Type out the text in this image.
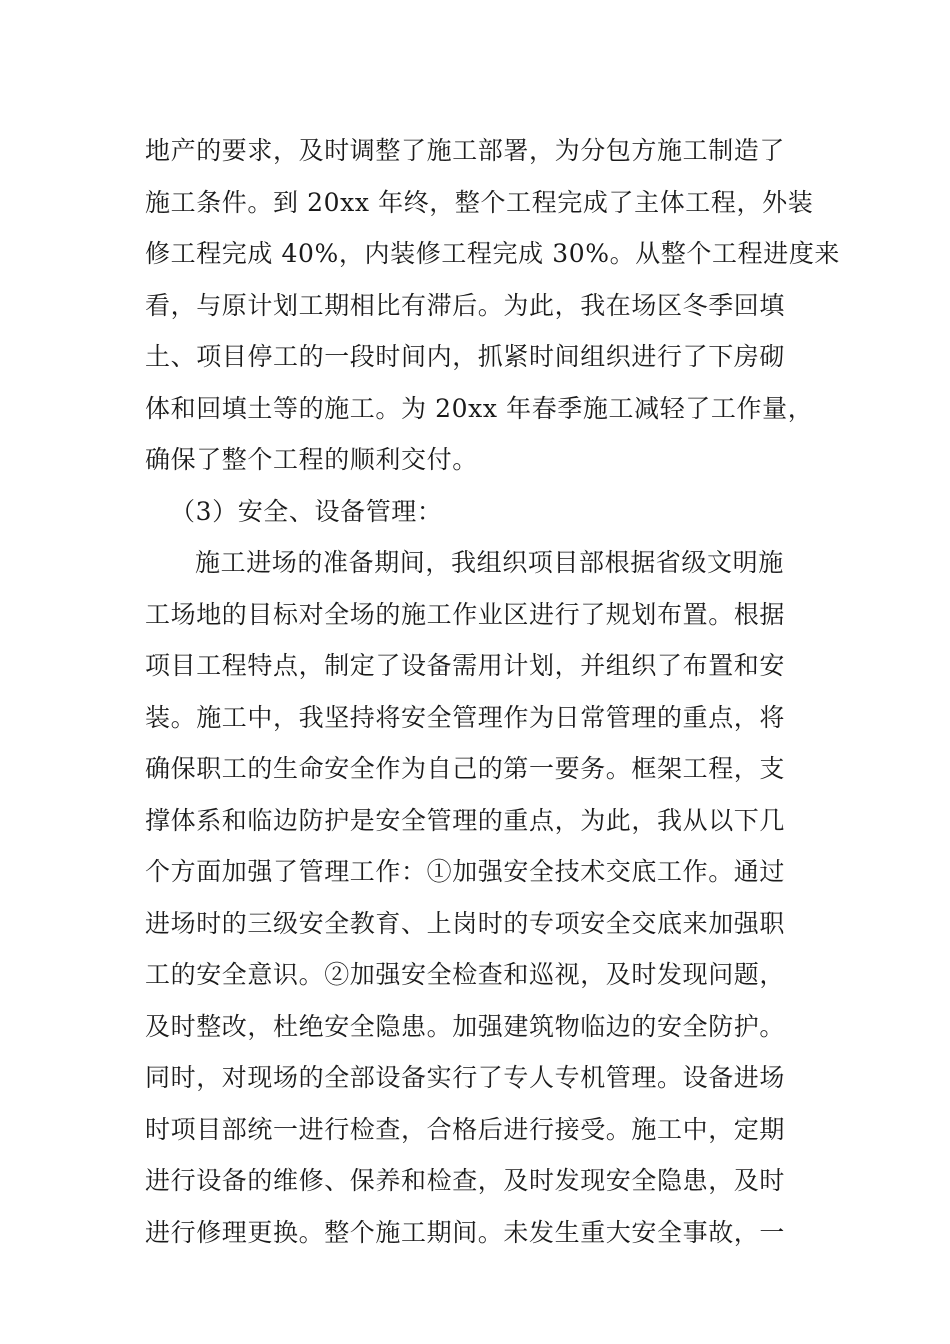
地产的要求，及时调整了施工部署，为分包方施工制造了
施工条件。到 20xx 年终，整个工程完成了主体工程，外装
修工程完成 40%，内装修工程完成 30%。从整个工程进度来
看，与原计划工期相比有滞后。为此，我在场区冬季回填
土、项目停工的一段时间内，抓紧时间组织进行了下房砌
体和回填土等的施工。为 20xx 年春季施工减轻了工作量，
确保了整个工程的顺利交付。
（3）安全、设备管理：
施工进场的准备期间，我组织项目部根据省级文明施
工场地的目标对全场的施工作业区进行了规划布置。根据
项目工程特点，制定了设备需用计划，并组织了布置和安
装。施工中，我坚持将安全管理作为日常管理的重点，将
确保职工的生命安全作为自己的第一要务。框架工程，支
撑体系和临边防护是安全管理的重点，为此，我从以下几
个方面加强了管理工作：①加强安全技术交底工作。通过
进场时的三级安全教育、上岗时的专项安全交底来加强职
工的安全意识。②加强安全检查和巡视，及时发现问题，
及时整改，杜绝安全隐患。加强建筑物临边的安全防护。
同时，对现场的全部设备实行了专人专机管理。设备进场
时项目部统一进行检查，合格后进行接受。施工中，定期
进行设备的维修、保养和检查，及时发现安全隐患，及时
进行修理更换。整个施工期间。未发生重大安全事故，一
